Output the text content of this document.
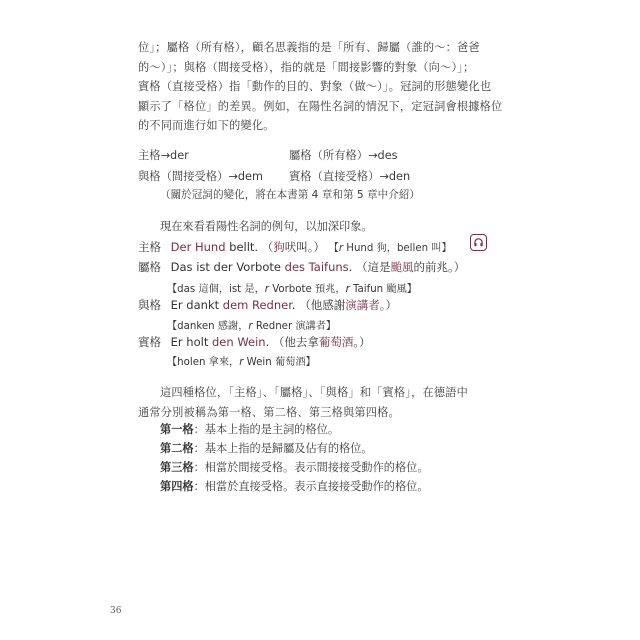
位」；屬格（所有格），顧名思義指的是「所有、歸屬（誰的～：爸爸
的～）」；與格（間接受格），指的就是「間接影響的對象（向～）」；
賓格（直接受格）指「動作的目的、對象（做～）」。冠詞的形態變化也
顯示了「格位」的差異。例如，在陽性名詞的情況下，定冠詞會根據格位
的不同而進行如下的變化。
主格→der	屬格（所有格）→des
與格（間接受格）→dem 賓格（直接受格）→den
（關於冠詞的變化，將在本書第 4 章和第 5 章中介紹）
現在來看看陽性名詞的例句，以加深印象。
主格 Der Hund bellt. （狗吠叫。） 【r Hund 狗，bellen 叫】
屬格 Das ist der Vorbote des Taifuns. （這是颱風的前兆。）
【das 這個，ist 是，r Vorbote 預兆，r Taifun 颱風】
與格 Er dankt dem Redner. （他感謝演講者。）
【danken 感謝，r Redner 演講者】
賓格 Er holt den Wein. （他去拿葡萄酒。）
【holen 拿來，r Wein 葡萄酒】
這四種格位，「主格」、「屬格」、「與格」和「賓格」，在德語中
通常分別被稱為第一格、第二格、第三格與第四格。
第一格：基本上指的是主詞的格位。
第二格：基本上指的是歸屬及佔有的格位。
第三格：相當於間接受格。表示間接接受動作的格位。
第四格：相當於直接受格。表示直接接受動作的格位。
36
